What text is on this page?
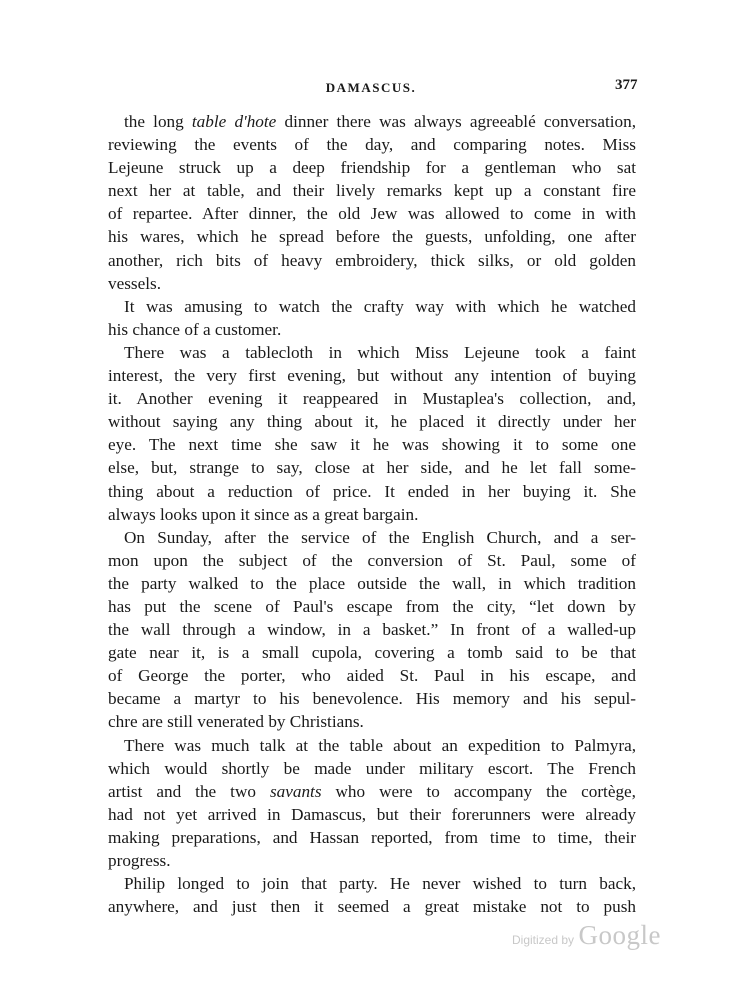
DAMASCUS.	377
the long table d'hote dinner there was always agreeablé conversation,
reviewing the events of the day, and comparing notes. Miss
Lejeune struck up a deep friendship for a gentleman who sat
next her at table, and their lively remarks kept up a constant fire
of repartee. After dinner, the old Jew was allowed to come in with
his wares, which he spread before the guests, unfolding, one after
another, rich bits of heavy embroidery, thick silks, or old golden
vessels.
It was amusing to watch the crafty way with which he watched
his chance of a customer.
There was a tablecloth in which Miss Lejeune took a faint
interest, the very first evening, but without any intention of buying
it. Another evening it reappeared in Mustaplea's collection, and,
without saying any thing about it, he placed it directly under her
eye. The next time she saw it he was showing it to some one
else, but, strange to say, close at her side, and he let fall some-
thing about a reduction of price. It ended in her buying it. She
always looks upon it since as a great bargain.
On Sunday, after the service of the English Church, and a ser-
mon upon the subject of the conversion of St. Paul, some of
the party walked to the place outside the wall, in which tradition
has put the scene of Paul's escape from the city, “let down by
the wall through a window, in a basket.” In front of a walled-up
gate near it, is a small cupola, covering a tomb said to be that
of George the porter, who aided St. Paul in his escape, and
became a martyr to his benevolence. His memory and his sepul-
chre are still venerated by Christians.
There was much talk at the table about an expedition to Palmyra,
which would shortly be made under military escort. The French
artist and the two savants who were to accompany the cortège,
had not yet arrived in Damascus, but their forerunners were already
making preparations, and Hassan reported, from time to time, their
progress.
Philip longed to join that party. He never wished to turn back,
anywhere, and just then it seemed a great mistake not to push
Digitized by Google
